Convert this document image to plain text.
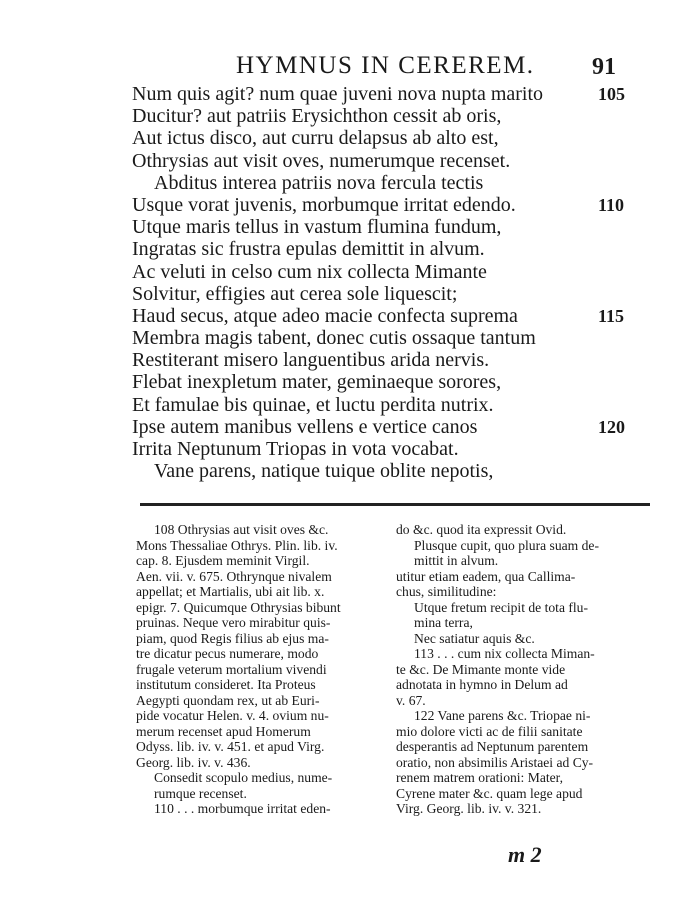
HYMNUS IN CEREREM. 91
Num quis agit? num quae juveni nova nupta marito	105
Ducitur? aut patriis Erysichthon cessit ab oris,
Aut ictus disco, aut curru delapsus ab alto est,
Othrysias aut visit oves, numerumque recenset.
Abditus interea patriis nova fercula tectis
Usque vorat juvenis, morbumque irritat edendo.	110
Utque maris tellus in vastum flumina fundum,
Ingratas sic frustra epulas demittit in alvum.
Ac veluti in celso cum nix collecta Mimante
Solvitur, effigies aut cerea sole liquescit;
Haud secus, atque adeo macie confecta suprema	115
Membra magis tabent, donec cutis ossaque tantum
Restiterant misero languentibus arida nervis.
Flebat inexpletum mater, geminaeque sorores,
Et famulae bis quinae, et luctu perdita nutrix.
Ipse autem manibus vellens e vertice canos	120
Irrita Neptunum Triopas in vota vocabat.
Vane parens, natique tuique oblite nepotis,
108 Othrysias aut visit oves &c.
Mons Thessaliae Othrys. Plin. lib. iv.
cap. 8. Ejusdem meminit Virgil.
Aen. vii. v. 675. Othrynque nivalem
appellat; et Martialis, ubi ait lib. x.
epigr. 7. Quicumque Othrysias bibunt
pruinas. Neque vero mirabitur quis-
piam, quod Regis filius ab ejus ma-
tre dicatur pecus numerare, modo
frugale veterum mortalium vivendi
institutum consideret. Ita Proteus
Aegypti quondam rex, ut ab Euri-
pide vocatur Helen. v. 4. ovium nu-
merum recenset apud Homerum
Odyss. lib. iv. v. 451. et apud Virg.
Georg. lib. iv. v. 436.
Consedit scopulo medius, nume-
rumque recenset.
110 . . . morbumque irritat eden-
do &c. quod ita expressit Ovid.
Plusque cupit, quo plura suam de-
mittit in alvum.
utitur etiam eadem, qua Callima-
chus, similitudine:
Utque fretum recipit de tota flu-
mina terra,
Nec satiatur aquis &c.
113 . . . cum nix collecta Miman-
te &c. De Mimante monte vide
adnotata in hymno in Delum ad
v. 67.
122 Vane parens &c. Triopae ni-
mio dolore victi ac de filii sanitate
desperantis ad Neptunum parentem
oratio, non absimilis Aristaei ad Cy-
renem matrem orationi: Mater,
Cyrene mater &c. quam lege apud
Virg. Georg. lib. iv. v. 321.
m 2
